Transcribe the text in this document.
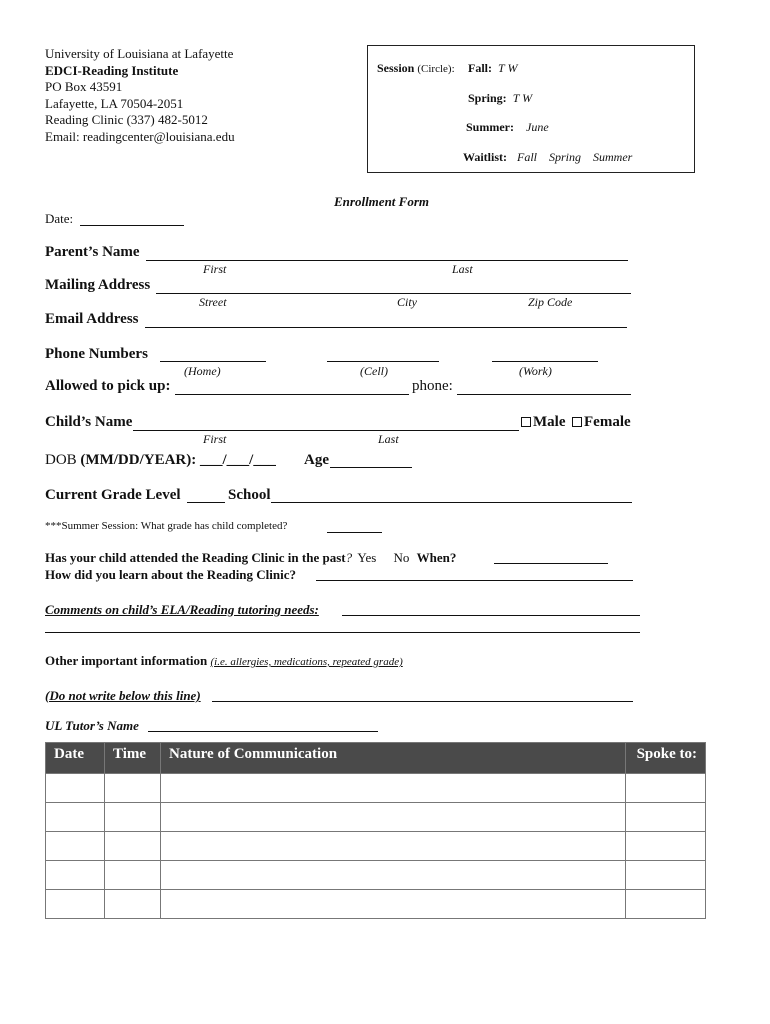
University of Louisiana at Lafayette
EDCI-Reading Institute
PO Box 43591
Lafayette, LA 70504-2051
Reading Clinic (337) 482-5012
Email: readingcenter@louisiana.edu
Session (Circle): Fall: T W
Spring: T W
Summer: June
Waitlist: Fall    Spring    Summer
Enrollment Form
Date:
Parent’s Name
First	Last
Mailing Address
Street	City	Zip Code
Email Address
Phone Numbers
(Home)	(Cell)	(Work)
Allowed to pick up:	phone:
Child’s Name	Male	Female
First	Last
DOB (MM/DD/YEAR): ___/___/___ Age
Current Grade Level	School
***Summer Session: What grade has child completed?
Has your child attended the Reading Clinic in the past? Yes No When?
How did you learn about the Reading Clinic?
Comments on child’s ELA/Reading tutoring needs:
Other important information (i.e. allergies, medications, repeated grade)
(Do not write below this line)
UL Tutor’s Name
Date	Time	Nature of Communication	Spoke to:
